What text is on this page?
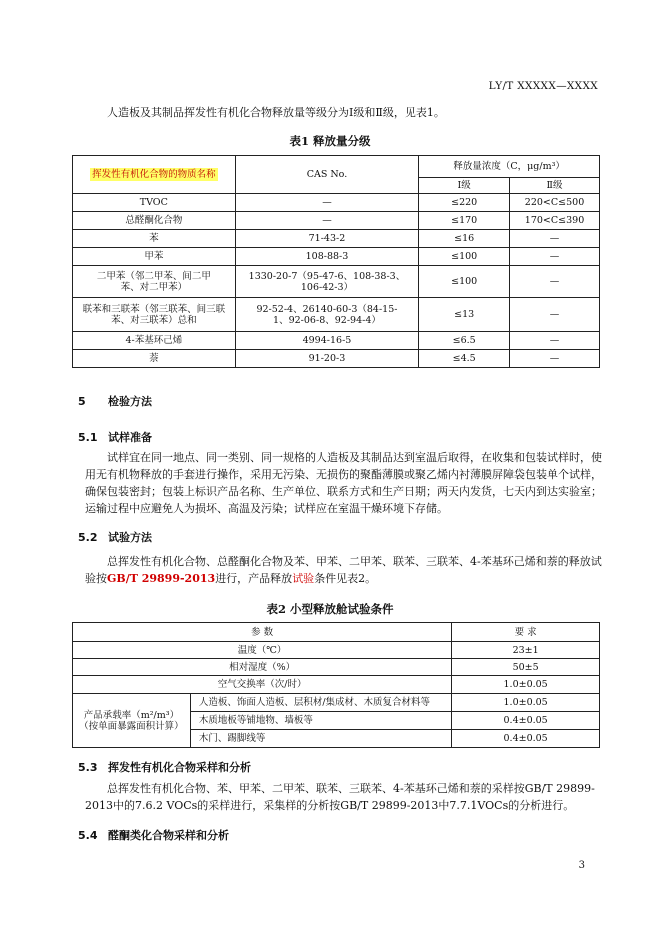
LY/T XXXXX—XXXX
人造板及其制品挥发性有机化合物释放量等级分为Ⅰ级和Ⅱ级，见表1。
表1 释放量分级
挥发性有机化合物的物质名称	CAS No.	释放量浓度（C，μg/m³）	
		Ⅰ级	Ⅱ级
TVOC	—	≤220	220<C≤500
总醛酮化合物	—	≤170	170<C≤390
苯	71-43-2	≤16	—
甲苯	108-88-3	≤100	—
二甲苯（邻二甲苯、间二甲苯、对二甲苯）	1330-20-7（95-47-6、108-38-3、106-42-3）	≤100	—
联苯和三联苯（邻三联苯、间三联苯、对三联苯）总和	92-52-4、26140-60-3（84-15-1、92-06-8、92-94-4）	≤13	—
4-苯基环己烯	4994-16-5	≤6.5	—
萘	91-20-3	≤4.5	—
5 检验方法
5.1 试样准备
试样宜在同一地点、同一类别、同一规格的人造板及其制品达到室温后取得，在收集和包装试样时，使用无有机物释放的手套进行操作，采用无污染、无损伤的聚酯薄膜或聚乙烯内衬薄膜屏障袋包装单个试样，确保包装密封；包装上标识产品名称、生产单位、联系方式和生产日期；两天内发货，七天内到达实验室；运输过程中应避免人为损坏、高温及污染；试样应在室温干燥环境下存储。
5.2 试验方法
总挥发性有机化合物、总醛酮化合物及苯、甲苯、二甲苯、联苯、三联苯、4-苯基环己烯和萘的释放试验按GB/T 29899-2013进行，产品释放试验条件见表2。
表2 小型释放舱试验条件
参 数		要 求
温度（℃）		23±1
相对湿度（%）		50±5
空气交换率（次/时）		1.0±0.05

产品承载率（m²/m³）
（按单面暴露面积计算）	人造板、饰面人造板、层积材/集成材、木质复合材料等	1.0±0.05
	木质地板等铺地物、墙板等	0.4±0.05
	木门、踢脚线等	0.4±0.05
5.3 挥发性有机化合物采样和分析
总挥发性有机化合物、苯、甲苯、二甲苯、联苯、三联苯、4-苯基环己烯和萘的采样按GB/T 29899-2013中的7.6.2 VOCs的采样进行，采集样的分析按GB/T 29899-2013中7.7.1VOCs的分析进行。
5.4 醛酮类化合物采样和分析
3
